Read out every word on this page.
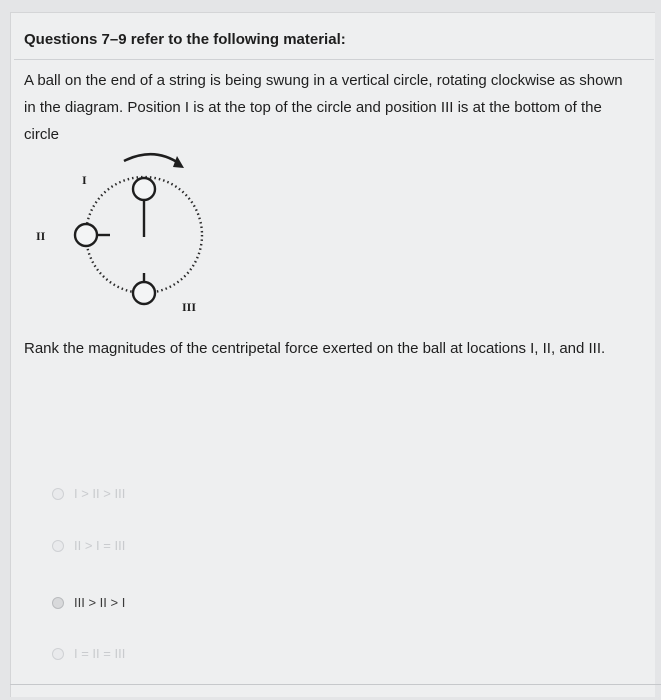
Questions 7–9 refer to the following material:

A ball on the end of a string is being swung in a vertical circle, rotating clockwise as shown in the diagram. Position I is at the top of the circle and position III is at the bottom of the circle

I
II
III

Rank the magnitudes of the centripetal force exerted on the ball at locations I, II, and III.

I > II > III
II > I = III
III > II > I
I = II = III
